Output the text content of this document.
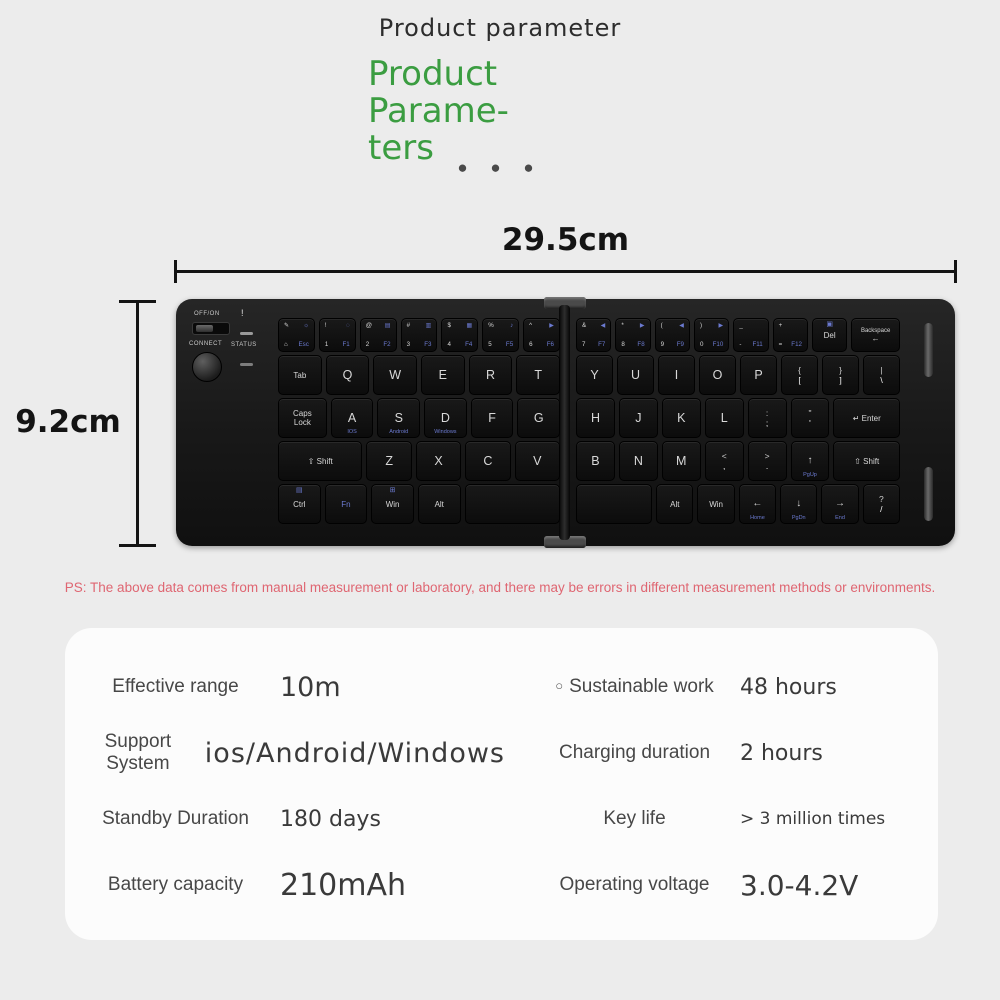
Product parameter
Product Parame-
ters	● ● ●
29.5cm
9.2cm
OFF/ON
CONNECT
!
STATUS
✎
⌂
☼
Esc
!
1
◌
F1
@
2
▤
F2
#
3
▥
F3
$
4
▦
F4
%
5
♪
F5
^
6
▶
F6
Tab	Q	W	E	R	T
Caps Lock	A
IOS
S
Android
D
Windows
F	G
⇧ Shift	Z	X	C	V
▤
Ctrl	Fn
⊞
Win	Alt
&
7
◀
F7
*
8
▶
F8
(
9
◀
F9
)
0
▶
F10
_
- F11
+
= F12
▣
Del	Backspace
←
Y	U	I	O	P	{
[
}
]
|
\
H	J	K	L	:
;
"
'	↵ Enter
B	N	M	<
,
>
.	↑
PgUp
⇧ Shift
Alt	Win	←
Home
↓
PgDn
→
End
?
/
PS: The above data comes from manual measurement or laboratory, and there may be errors in different measurement methods or environments.
Effective range	10m	○ Sustainable work	48 hours
Support System	ios/Android/Windows	Charging duration	2 hours
Standby Duration	180 days	Key life	> 3 million times
Battery capacity	210mAh	Operating voltage	3.0-4.2V
